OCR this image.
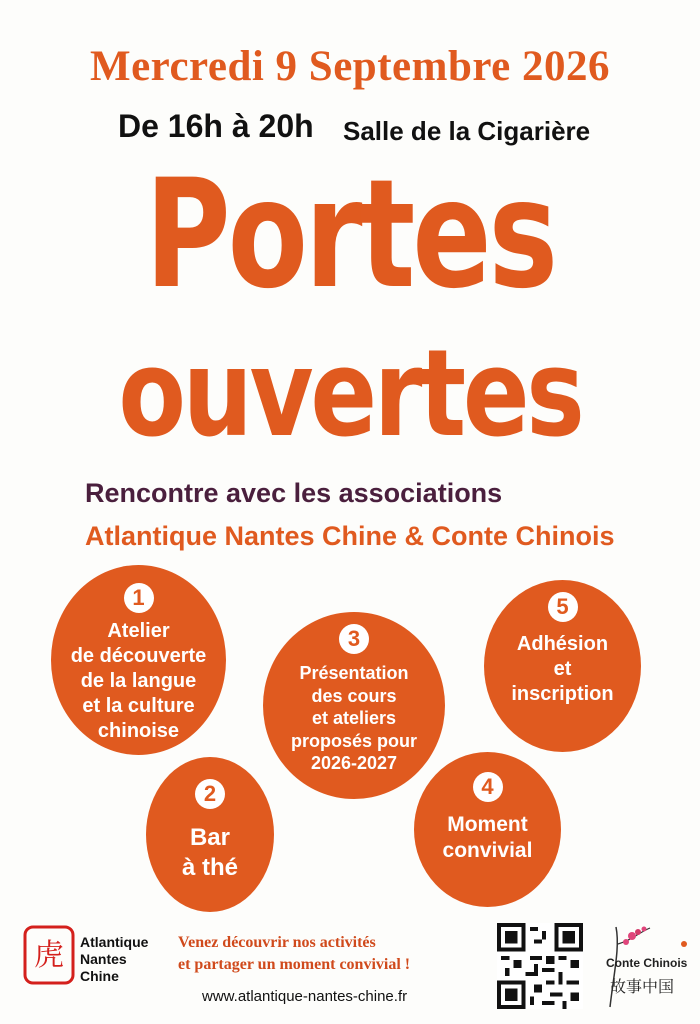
Mercredi 9 Septembre 2026
De 16h à 20h Salle de la Cigarière
Portes
ouvertes
Rencontre avec les associations
Atlantique Nantes Chine & Conte Chinois
1
Atelier
de découverte
de la langue
et la culture
chinoise
2
Bar
à thé
3
Présentation
des cours
et ateliers
proposés pour
2026-2027
4
Moment
convivial
5
Adhésion
et
inscription
虎 Atlantique
Nantes
Chine
Venez découvrir nos activités
et partager un moment convivial !
www.atlantique-nantes-chine.fr
Conte Chinois
故事中国
